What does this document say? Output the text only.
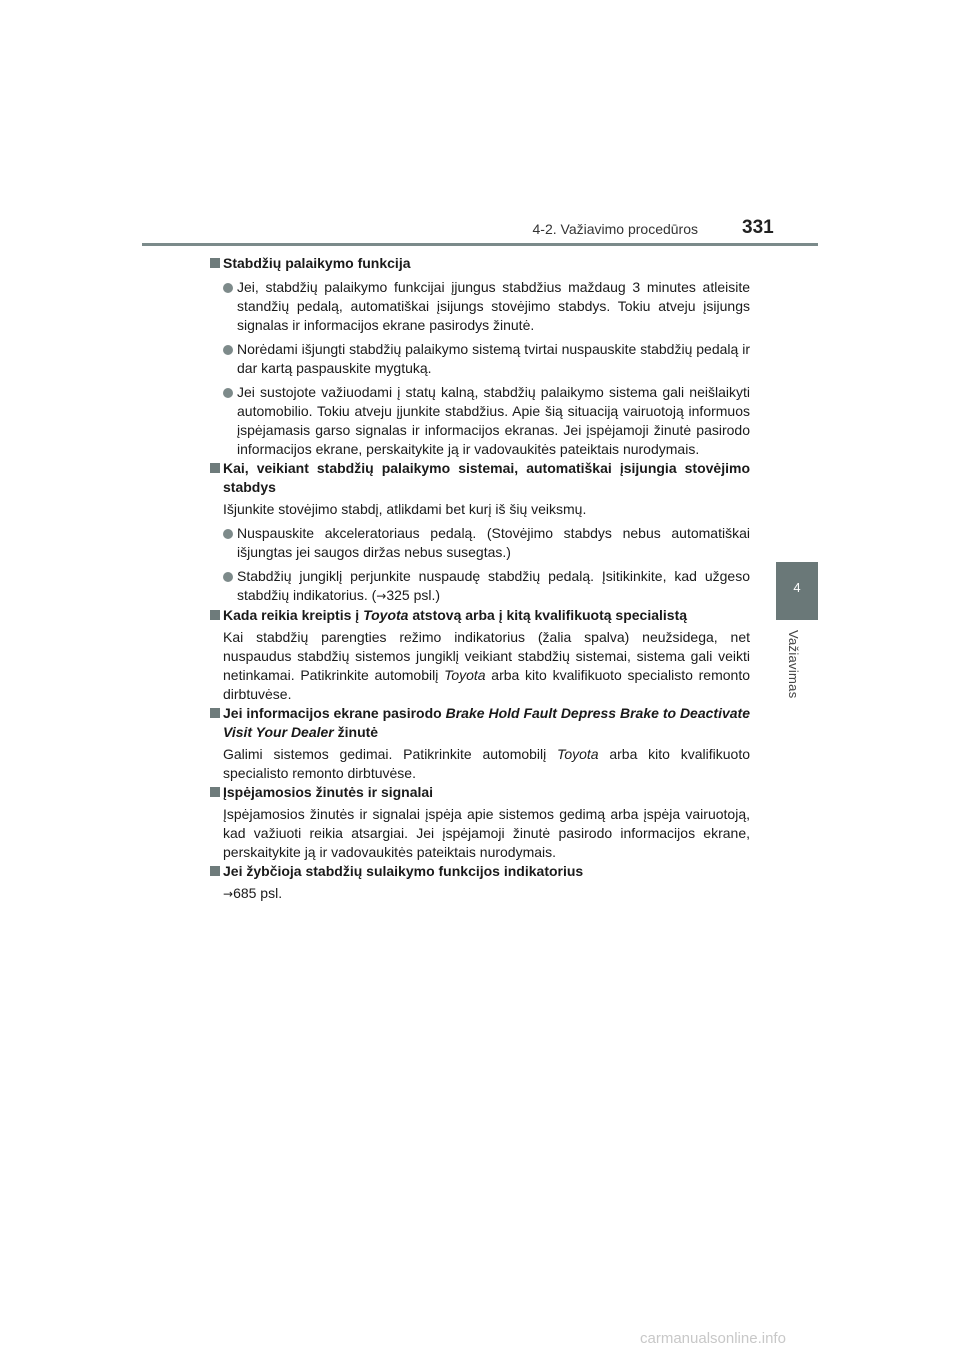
4-2. Važiavimo procedūros 331
4
Važiavimas
Stabdžių palaikymo funkcija
Jei, stabdžių palaikymo funkcijai įjungus stabdžius maždaug 3 minutes atleisite standžių pedalą, automatiškai įsijungs stovėjimo stabdys. Tokiu atveju įsijungs signalas ir informacijos ekrane pasirodys žinutė.
Norėdami išjungti stabdžių palaikymo sistemą tvirtai nuspauskite stabdžių pedalą ir dar kartą paspauskite mygtuką.
Jei sustojote važiuodami į statų kalną, stabdžių palaikymo sistema gali neišlaikyti automobilio. Tokiu atveju įjunkite stabdžius. Apie šią situaciją vairuotoją informuos įspėjamasis garso signalas ir informacijos ekranas. Jei įspėjamoji žinutė pasirodo informacijos ekrane, perskaitykite ją ir vadovaukitės pateiktais nurodymais.
Kai, veikiant stabdžių palaikymo sistemai, automatiškai įsijungia stovėjimo stabdys
Išjunkite stovėjimo stabdį, atlikdami bet kurį iš šių veiksmų.
Nuspauskite akceleratoriaus pedalą. (Stovėjimo stabdys nebus automatiškai išjungtas jei saugos diržas nebus susegtas.)
Stabdžių jungiklį perjunkite nuspaudę stabdžių pedalą. Įsitikinkite, kad užgeso stabdžių indikatorius. (→325 psl.)
Kada reikia kreiptis į Toyota atstovą arba į kitą kvalifikuotą specialistą
Kai stabdžių parengties režimo indikatorius (žalia spalva) neužsidega, net nuspaudus stabdžių sistemos jungiklį veikiant stabdžių sistemai, sistema gali veikti netinkamai. Patikrinkite automobilį Toyota arba kito kvalifikuoto specialisto remonto dirbtuvėse.
Jei informacijos ekrane pasirodo Brake Hold Fault Depress Brake to Deactivate Visit Your Dealer žinutė
Galimi sistemos gedimai. Patikrinkite automobilį Toyota arba kito kvalifikuoto specialisto remonto dirbtuvėse.
Įspėjamosios žinutės ir signalai
Įspėjamosios žinutės ir signalai įspėja apie sistemos gedimą arba įspėja vairuotoją, kad važiuoti reikia atsargiai. Jei įspėjamoji žinutė pasirodo informacijos ekrane, perskaitykite ją ir vadovaukitės pateiktais nurodymais.
Jei žybčioja stabdžių sulaikymo funkcijos indikatorius
→685 psl.
carmanualsonline.info
